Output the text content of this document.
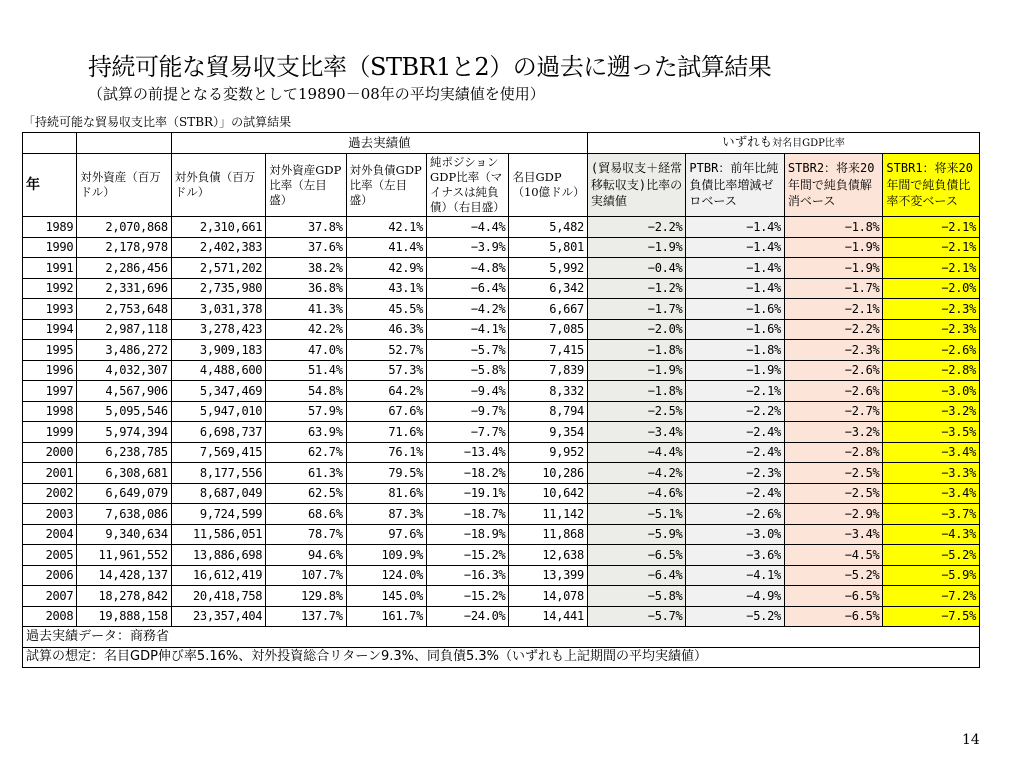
持続可能な貿易収支比率（STBR1と2）の過去に遡った試算結果
（試算の前提となる変数として19890－08年の平均実績値を使用）
「持続可能な貿易収支比率（STBR）」の試算結果
		過去実績値					いずれも対名目GDP比率			
年	対外資産（百万ドル）	対外負債（百万ドル）	対外資産GDP比率（左目盛）	対外負債GDP比率（左目盛）	純ポジションGDP比率（マイナスは純負債）（右目盛）	名目GDP（10億ドル）	(貿易収支＋経常移転収支)比率の実績値	PTBR：前年比純負債比率増減ゼロベース	STBR2：将来20年間で純負債解消ベース	STBR1：将来20年間で純負債比率不変ベース
1989	2,070,868	2,310,661	37.8%	42.1%	−4.4%	5,482	−2.2%	−1.4%	−1.8%	−2.1%
1990	2,178,978	2,402,383	37.6%	41.4%	−3.9%	5,801	−1.9%	−1.4%	−1.9%	−2.1%
1991	2,286,456	2,571,202	38.2%	42.9%	−4.8%	5,992	−0.4%	−1.4%	−1.9%	−2.1%
1992	2,331,696	2,735,980	36.8%	43.1%	−6.4%	6,342	−1.2%	−1.4%	−1.7%	−2.0%
1993	2,753,648	3,031,378	41.3%	45.5%	−4.2%	6,667	−1.7%	−1.6%	−2.1%	−2.3%
1994	2,987,118	3,278,423	42.2%	46.3%	−4.1%	7,085	−2.0%	−1.6%	−2.2%	−2.3%
1995	3,486,272	3,909,183	47.0%	52.7%	−5.7%	7,415	−1.8%	−1.8%	−2.3%	−2.6%
1996	4,032,307	4,488,600	51.4%	57.3%	−5.8%	7,839	−1.9%	−1.9%	−2.6%	−2.8%
1997	4,567,906	5,347,469	54.8%	64.2%	−9.4%	8,332	−1.8%	−2.1%	−2.6%	−3.0%
1998	5,095,546	5,947,010	57.9%	67.6%	−9.7%	8,794	−2.5%	−2.2%	−2.7%	−3.2%
1999	5,974,394	6,698,737	63.9%	71.6%	−7.7%	9,354	−3.4%	−2.4%	−3.2%	−3.5%
2000	6,238,785	7,569,415	62.7%	76.1%	−13.4%	9,952	−4.4%	−2.4%	−2.8%	−3.4%
2001	6,308,681	8,177,556	61.3%	79.5%	−18.2%	10,286	−4.2%	−2.3%	−2.5%	−3.3%
2002	6,649,079	8,687,049	62.5%	81.6%	−19.1%	10,642	−4.6%	−2.4%	−2.5%	−3.4%
2003	7,638,086	9,724,599	68.6%	87.3%	−18.7%	11,142	−5.1%	−2.6%	−2.9%	−3.7%
2004	9,340,634	11,586,051	78.7%	97.6%	−18.9%	11,868	−5.9%	−3.0%	−3.4%	−4.3%
2005	11,961,552	13,886,698	94.6%	109.9%	−15.2%	12,638	−6.5%	−3.6%	−4.5%	−5.2%
2006	14,428,137	16,612,419	107.7%	124.0%	−16.3%	13,399	−6.4%	−4.1%	−5.2%	−5.9%
2007	18,278,842	20,418,758	129.8%	145.0%	−15.2%	14,078	−5.8%	−4.9%	−6.5%	−7.2%
2008	19,888,158	23,357,404	137.7%	161.7%	−24.0%	14,441	−5.7%	−5.2%	−6.5%	−7.5%
過去実績データ：商務省										
試算の想定：名目GDP伸び率5.16%、対外投資総合リターン9.3%、同負債5.3%（いずれも上記期間の平均実績値）										
14
